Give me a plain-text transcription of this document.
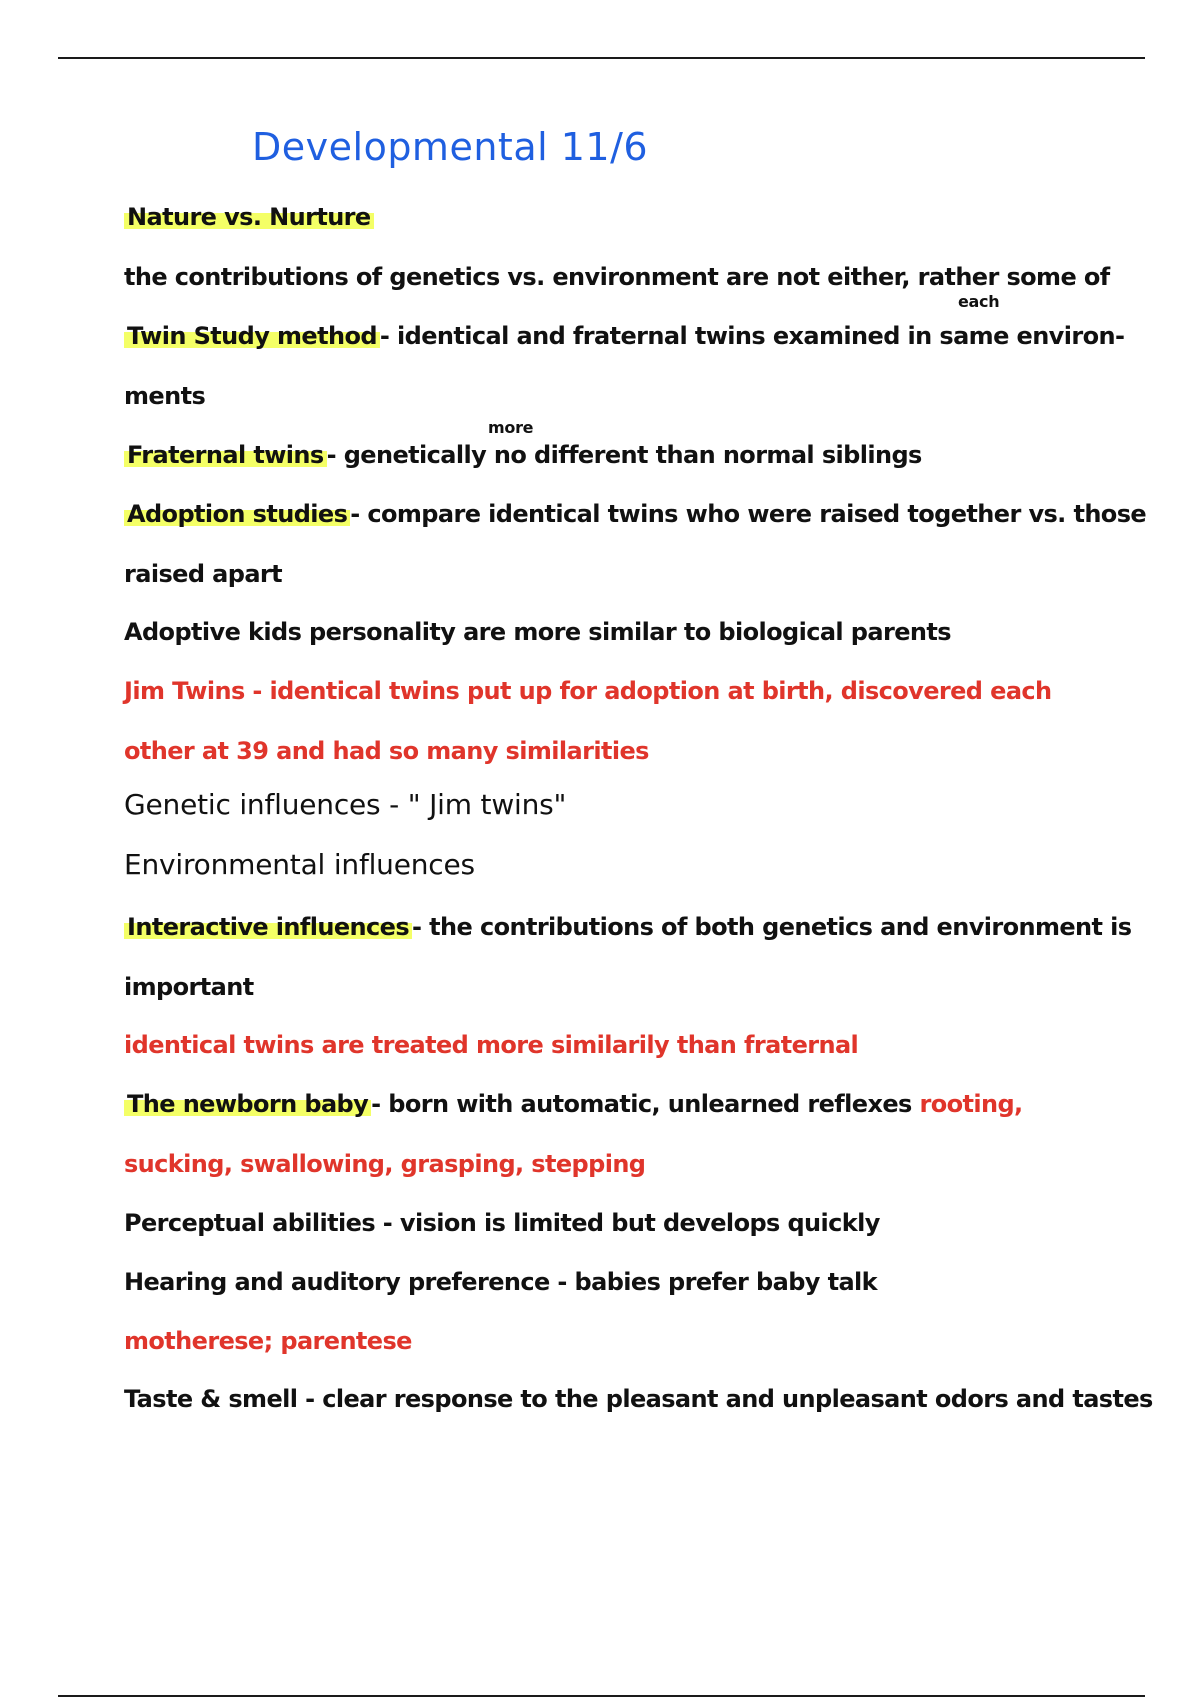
Developmental 11/6
Nature vs. Nurture
the contributions of genetics vs. environment are not either, rather some of
each
Twin Study method - identical and fraternal twins examined in same environ-
ments
more
Fraternal twins - genetically no different than normal siblings
Adoption studies - compare identical twins who were raised together vs. those
raised apart
Adoptive kids personality are more similar to biological parents
Jim Twins - identical twins put up for adoption at birth, discovered each
other at 39 and had so many similarities
Genetic influences - " Jim twins"
Environmental influences
Interactive influences - the contributions of both genetics and environment is
important
identical twins are treated more similarily than fraternal
The newborn baby - born with automatic, unlearned reflexes rooting,
sucking, swallowing, grasping, stepping
Perceptual abilities - vision is limited but develops quickly
Hearing and auditory preference - babies prefer baby talk
motherese; parentese
Taste & smell - clear response to the pleasant and unpleasant odors and tastes
